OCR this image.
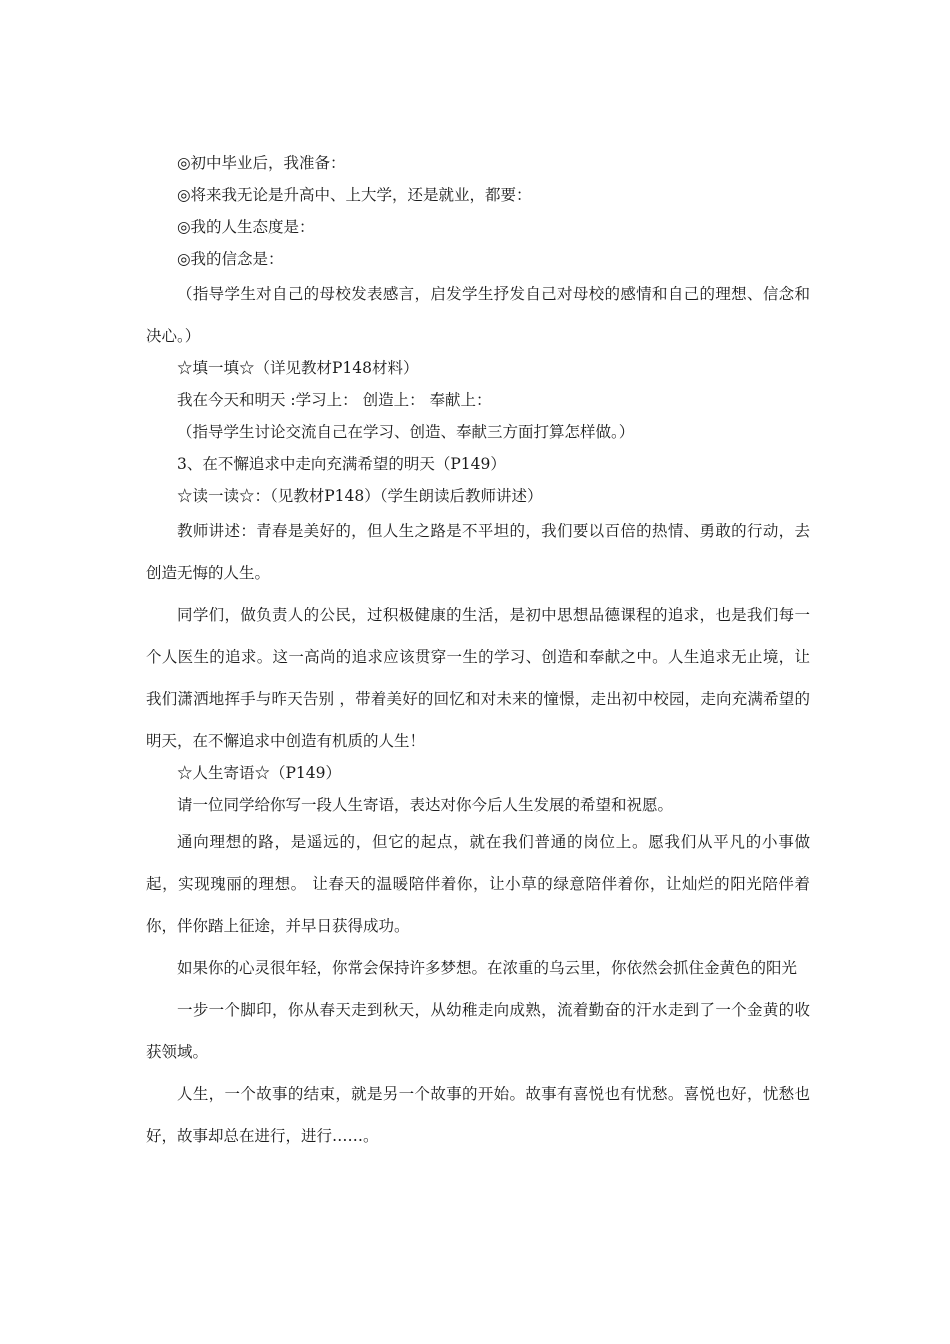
◎初中毕业后，我准备：

◎将来我无论是升高中、上大学，还是就业，都要：

◎我的人生态度是：

◎我的信念是：

（指导学生对自己的母校发表感言，启发学生抒发自己对母校的感情和自己的理想、信念和决心。）

☆填一填☆（详见教材P148材料）

我在今天和明天 :学习上： 创造上： 奉献上：

（指导学生讨论交流自己在学习、创造、奉献三方面打算怎样做。）

3、在不懈追求中走向充满希望的明天（P149）

☆读一读☆：（见教材P148）（学生朗读后教师讲述）

教师讲述：青春是美好的，但人生之路是不平坦的，我们要以百倍的热情、勇敢的行动，去创造无悔的人生。

同学们，做负责人的公民，过积极健康的生活，是初中思想品德课程的追求，也是我们每一个人医生的追求。这一高尚的追求应该贯穿一生的学习、创造和奉献之中。人生追求无止境，让我们潇洒地挥手与昨天告别 ，带着美好的回忆和对未来的憧憬，走出初中校园，走向充满希望的明天，在不懈追求中创造有机质的人生！

☆人生寄语☆（P149）

请一位同学给你写一段人生寄语，表达对你今后人生发展的希望和祝愿。

通向理想的路，是遥远的，但它的起点，就在我们普通的岗位上。愿我们从平凡的小事做起，实现瑰丽的理想。 让春天的温暖陪伴着你，让小草的绿意陪伴着你，让灿烂的阳光陪伴着你，伴你踏上征途，并早日获得成功。

如果你的心灵很年轻，你常会保持许多梦想。在浓重的乌云里，你依然会抓住金黄色的阳光

一步一个脚印，你从春天走到秋天，从幼稚走向成熟，流着勤奋的汗水走到了一个金黄的收获领域。

人生，一个故事的结束，就是另一个故事的开始。故事有喜悦也有忧愁。喜悦也好，忧愁也好，故事却总在进行，进行……。
